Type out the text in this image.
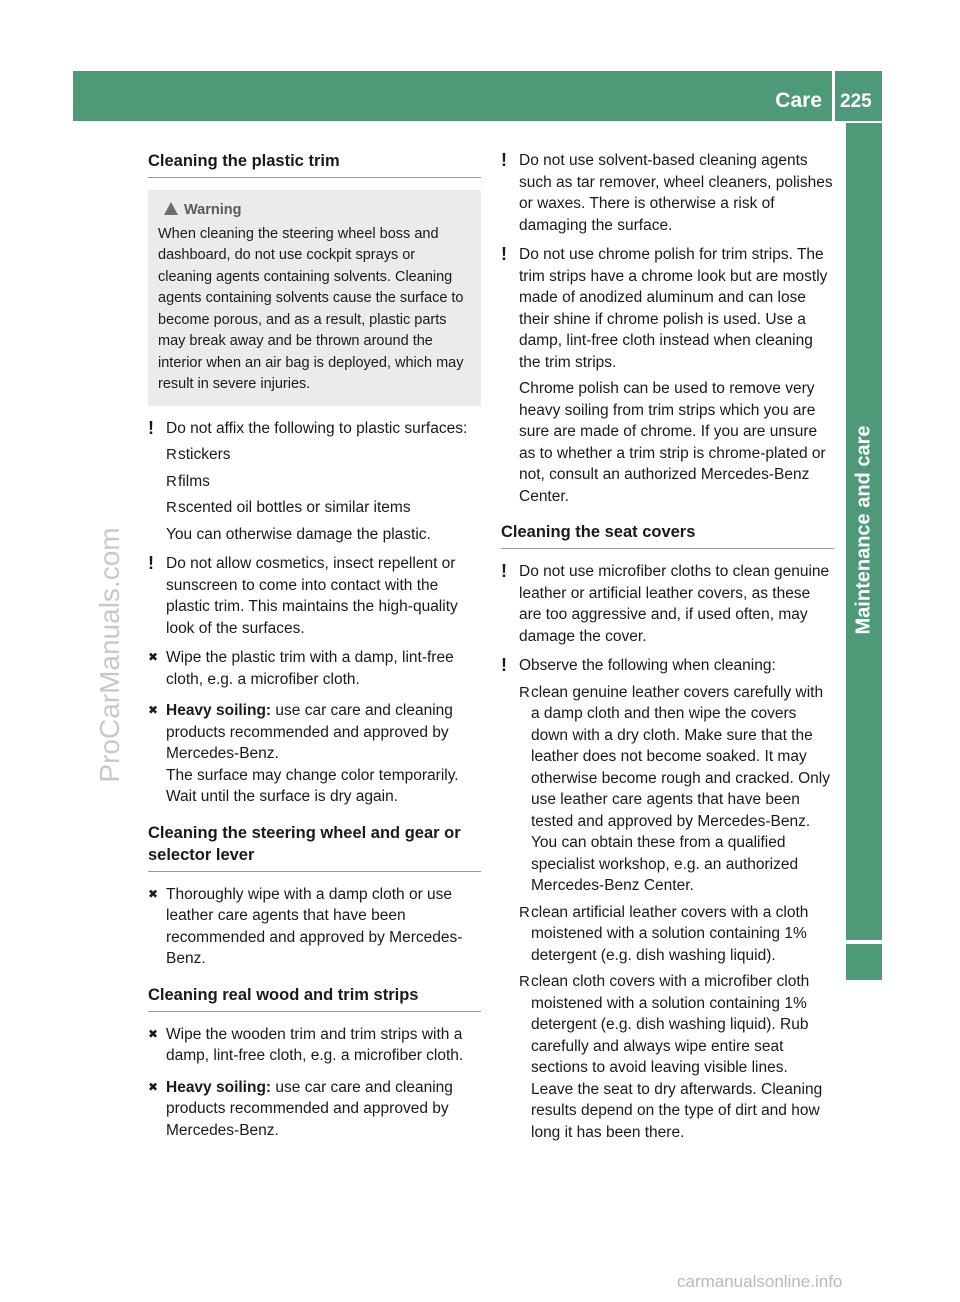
Care 225
Maintenance and care
ProCarManuals.com
carmanualsonline.info
Cleaning the plastic trim
Warning
When cleaning the steering wheel boss and dashboard, do not use cockpit sprays or cleaning agents containing solvents. Cleaning agents containing solvents cause the surface to become porous, and as a result, plastic parts may break away and be thrown around the interior when an air bag is deployed, which may result in severe injuries.
! Do not affix the following to plastic surfaces:
R stickers
R films
R scented oil bottles or similar items
You can otherwise damage the plastic.
! Do not allow cosmetics, insect repellent or sunscreen to come into contact with the plastic trim. This maintains the high-quality look of the surfaces.
✖ Wipe the plastic trim with a damp, lint-free cloth, e.g. a microfiber cloth.
✖ Heavy soiling: use car care and cleaning products recommended and approved by Mercedes-Benz.
The surface may change color temporarily. Wait until the surface is dry again.
Cleaning the steering wheel and gear or selector lever
✖ Thoroughly wipe with a damp cloth or use leather care agents that have been recommended and approved by Mercedes-Benz.
Cleaning real wood and trim strips
✖ Wipe the wooden trim and trim strips with a damp, lint-free cloth, e.g. a microfiber cloth.
✖ Heavy soiling: use car care and cleaning products recommended and approved by Mercedes-Benz.
! Do not use solvent-based cleaning agents such as tar remover, wheel cleaners, polishes or waxes. There is otherwise a risk of damaging the surface.
! Do not use chrome polish for trim strips. The trim strips have a chrome look but are mostly made of anodized aluminum and can lose their shine if chrome polish is used. Use a damp, lint-free cloth instead when cleaning the trim strips.
Chrome polish can be used to remove very heavy soiling from trim strips which you are sure are made of chrome. If you are unsure as to whether a trim strip is chrome-plated or not, consult an authorized Mercedes-Benz Center.
Cleaning the seat covers
! Do not use microfiber cloths to clean genuine leather or artificial leather covers, as these are too aggressive and, if used often, may damage the cover.
! Observe the following when cleaning:
R clean genuine leather covers carefully with a damp cloth and then wipe the covers down with a dry cloth. Make sure that the leather does not become soaked. It may otherwise become rough and cracked. Only use leather care agents that have been tested and approved by Mercedes-Benz. You can obtain these from a qualified specialist workshop, e.g. an authorized Mercedes-Benz Center.
R clean artificial leather covers with a cloth moistened with a solution containing 1% detergent (e.g. dish washing liquid).
R clean cloth covers with a microfiber cloth moistened with a solution containing 1% detergent (e.g. dish washing liquid). Rub carefully and always wipe entire seat sections to avoid leaving visible lines. Leave the seat to dry afterwards. Cleaning results depend on the type of dirt and how long it has been there.
